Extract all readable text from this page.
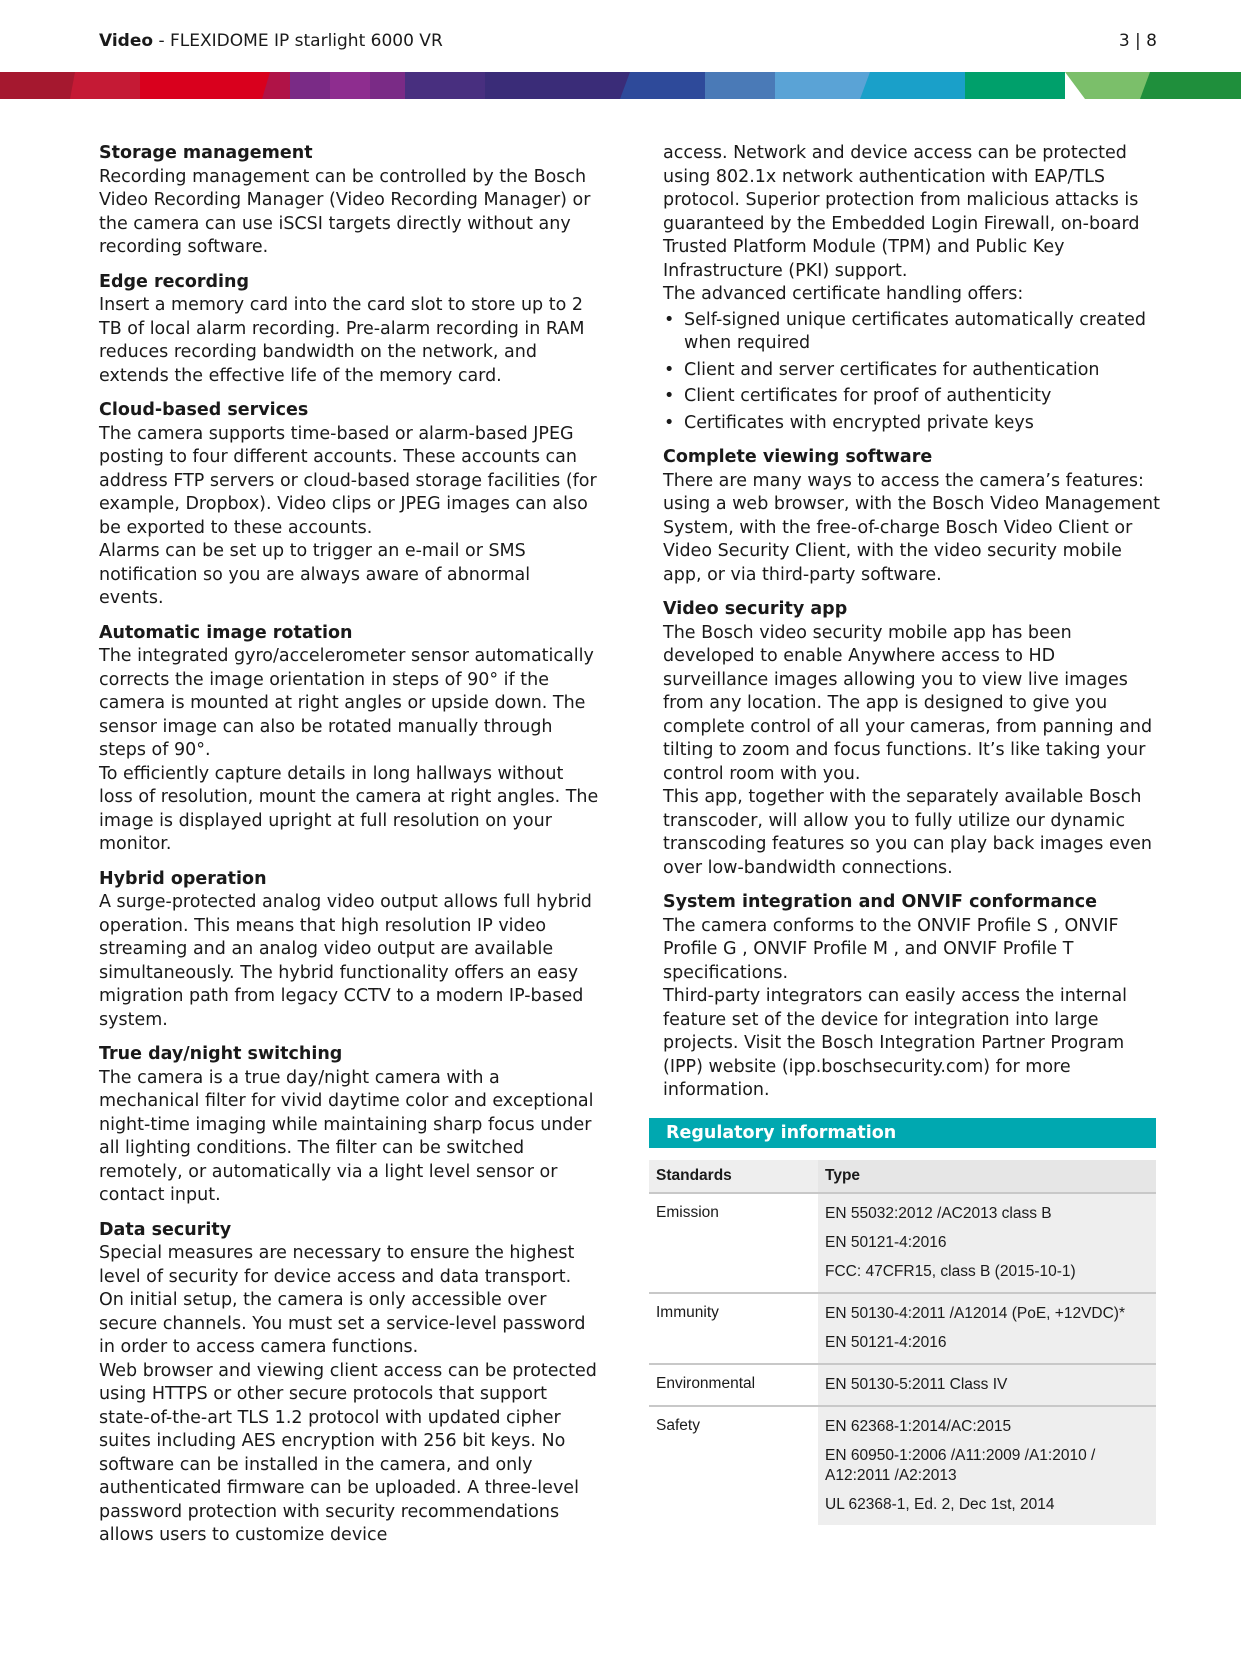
Video - FLEXIDOME IP starlight 6000 VR	3 | 8
Storage management

Recording management can be controlled by the Bosch Video Recording Manager (Video Recording Manager) or the camera can use iSCSI targets directly without any recording software.

Edge recording

Insert a memory card into the card slot to store up to 2 TB of local alarm recording. Pre-alarm recording in RAM reduces recording bandwidth on the network, and extends the effective life of the memory card.

Cloud-based services

The camera supports time-based or alarm-based JPEG posting to four different accounts. These accounts can address FTP servers or cloud-based storage facilities (for example, Dropbox). Video clips or JPEG images can also be exported to these accounts.

Alarms can be set up to trigger an e-mail or SMS notification so you are always aware of abnormal events.

Automatic image rotation

The integrated gyro/accelerometer sensor automatically corrects the image orientation in steps of 90° if the camera is mounted at right angles or upside down. The sensor image can also be rotated manually through steps of 90°.

To efficiently capture details in long hallways without loss of resolution, mount the camera at right angles. The image is displayed upright at full resolution on your monitor.

Hybrid operation

A surge-protected analog video output allows full hybrid operation. This means that high resolution IP video streaming and an analog video output are available simultaneously. The hybrid functionality offers an easy migration path from legacy CCTV to a modern IP-based system.

True day/night switching

The camera is a true day/night camera with a mechanical filter for vivid daytime color and exceptional night-time imaging while maintaining sharp focus under all lighting conditions. The filter can be switched remotely, or automatically via a light level sensor or contact input.

Data security

Special measures are necessary to ensure the highest level of security for device access and data transport. On initial setup, the camera is only accessible over secure channels. You must set a service-level password in order to access camera functions.

Web browser and viewing client access can be protected using HTTPS or other secure protocols that support state-of-the-art TLS 1.2 protocol with updated cipher suites including AES encryption with 256 bit keys. No software can be installed in the camera, and only authenticated firmware can be uploaded. A three-level password protection with security recommendations allows users to customize device

access. Network and device access can be protected using 802.1x network authentication with EAP/TLS protocol. Superior protection from malicious attacks is guaranteed by the Embedded Login Firewall, on-board Trusted Platform Module (TPM) and Public Key Infrastructure (PKI) support.

The advanced certificate handling offers:

• Self-signed unique certificates automatically created when required
• Client and server certificates for authentication
• Client certificates for proof of authenticity
• Certificates with encrypted private keys
Complete viewing software

There are many ways to access the camera’s features: using a web browser, with the Bosch Video Management System, with the free-of-charge Bosch Video Client or Video Security Client, with the video security mobile app, or via third-party software.

Video security app

The Bosch video security mobile app has been developed to enable Anywhere access to HD surveillance images allowing you to view live images from any location. The app is designed to give you complete control of all your cameras, from panning and tilting to zoom and focus functions. It’s like taking your control room with you.

This app, together with the separately available Bosch transcoder, will allow you to fully utilize our dynamic transcoding features so you can play back images even over low-bandwidth connections.

System integration and ONVIF conformance

The camera conforms to the ONVIF Profile S , ONVIF Profile G , ONVIF Profile M , and ONVIF Profile T specifications.

Third-party integrators can easily access the internal feature set of the device for integration into large projects. Visit the Bosch Integration Partner Program (IPP) website (ipp.boschsecurity.com) for more information.

Regulatory information
Standards	Type
Emission	EN 55032:2012 /AC2013 class B
EN 50121-4:2016
FCC: 47CFR15, class B (2015-10-1)

Immunity	EN 50130-4:2011 /A12014 (PoE, +12VDC)*
EN 50121-4:2016

Environmental	EN 50130-5:2011 Class IV

Safety	EN 62368-1:2014/AC:2015
EN 60950-1:2006 /A11:2009 /A1:2010 / A12:2011 /A2:2013
UL 62368-1, Ed. 2, Dec 1st, 2014
